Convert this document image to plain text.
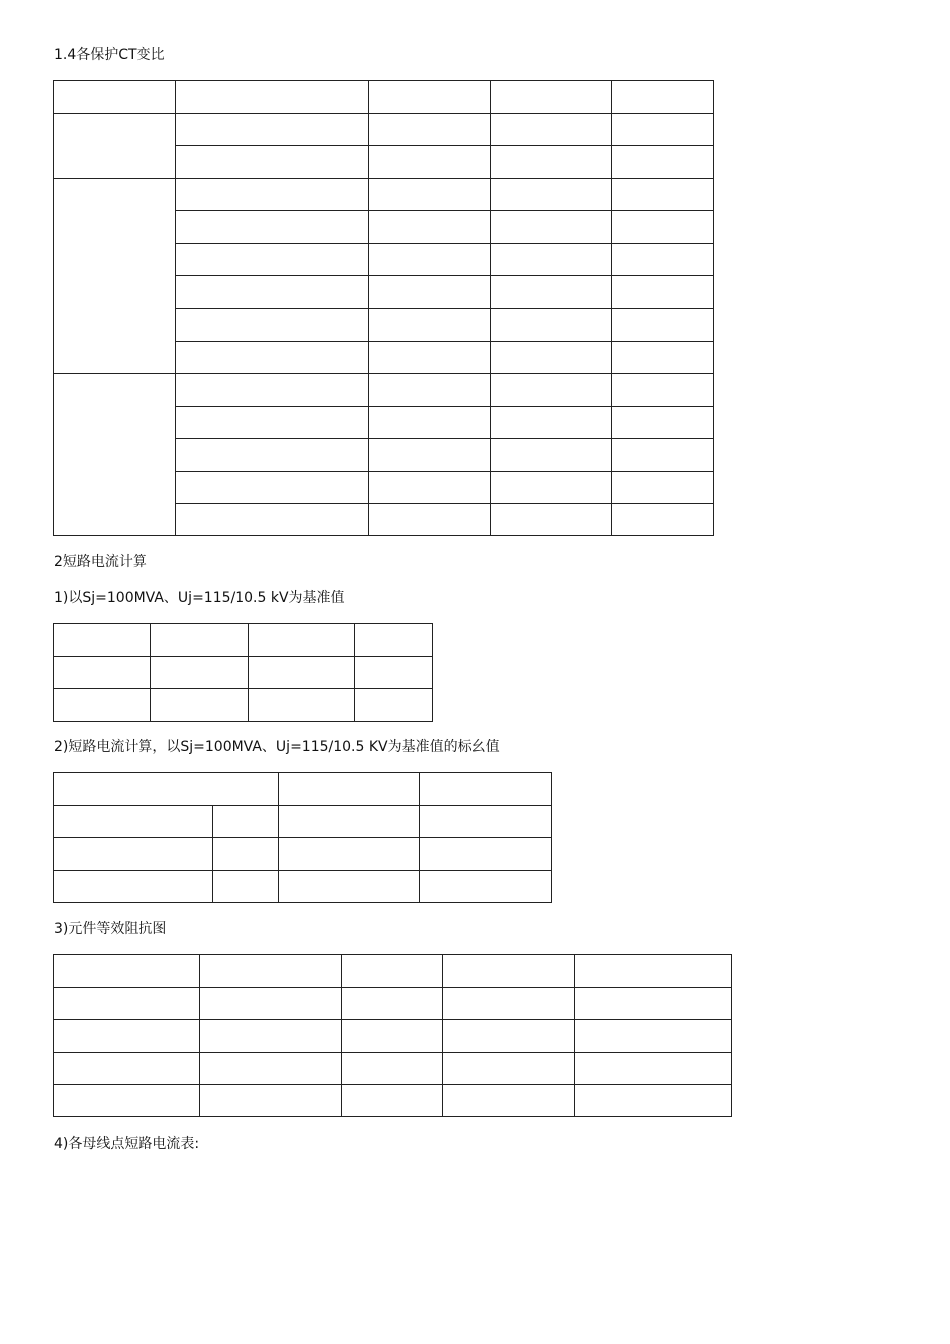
1.4各保护CT变比

2短路电流计算
1)以Sj=100MVA、Uj=115/10.5 kV为基准值

2)短路电流计算，以Sj=100MVA、Uj=115/10.5 KV为基准值的标幺值

3)元件等效阻抗图

4)各母线点短路电流表:
